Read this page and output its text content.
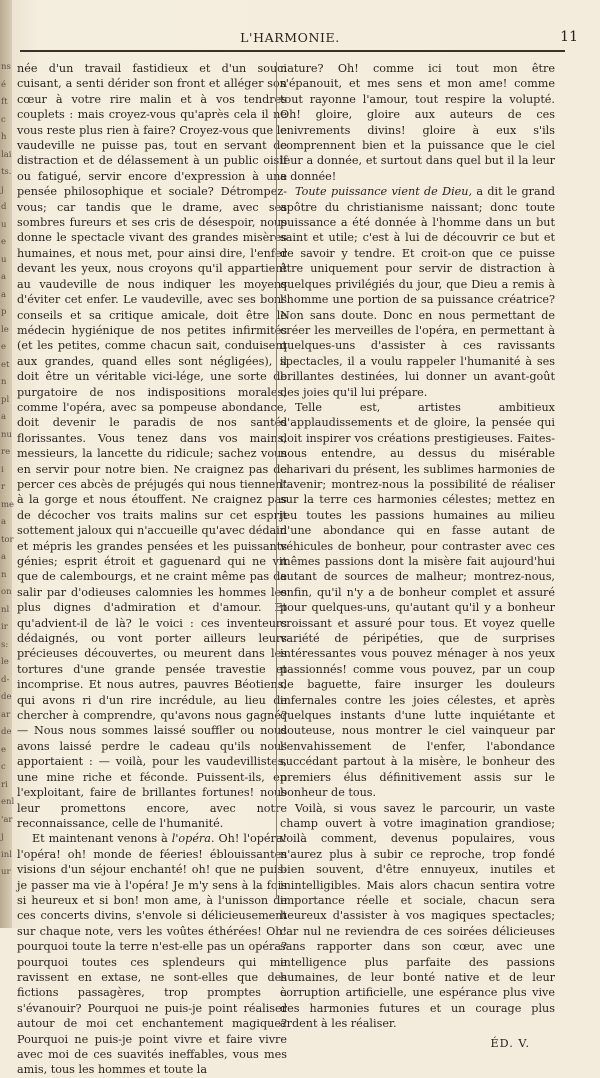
ns
é
ft
c
h
lai
ts.
j
d
u
e
u
a
a
p
le
e
et
n
pl
a
nu
re
i
r
me
a
tor
a
n
on
nl
ir
s:
le
d-
de
ar
de
e
c
ri
enl
'ar
j
inl
ur
L'HARMONIE.	11

née d'un travail fastidieux et d'un souci cuisant, a senti dérider son front et alléger son cœur à votre rire malin et à vos tendres couplets : mais croyez-vous qu'après cela il ne vous reste plus rien à faire? Croyez-vous que le vaudeville ne puisse pas, tout en servant de distraction et de délassement à un public oisif ou fatigué, servir encore d'expression à une pensée philosophique et sociale? Détrompez-vous; car tandis que le drame, avec ses sombres fureurs et ses cris de désespoir, nous donne le spectacle vivant des grandes misères humaines, et nous met, pour ainsi dire, l'enfer devant les yeux, nous croyons qu'il appartient au vaudeville de nous indiquer les moyens d'éviter cet enfer. Le vaudeville, avec ses bons conseils et sa critique amicale, doit être le médecin hygiénique de nos petites infirmités (et les petites, comme chacun sait, conduisent aux grandes, quand elles sont négligées), il doit être un véritable vici-lége, une sorte de purgatoire de nos indispositions morales; comme l'opéra, avec sa pompeuse abondance, doit devenir le paradis de nos santés florissantes. Vous tenez dans vos mains, messieurs, la lancette du ridicule; sachez vous en servir pour notre bien. Ne craignez pas de percer ces abcès de préjugés qui nous tiennent à la gorge et nous étouffent. Ne craignez pas de décocher vos traits malins sur cet esprit sottement jaloux qui n'accueille qu'avec dédain et mépris les grandes pensées et les puissants génies; esprit étroit et gaguenard qui ne vit que de calembourgs, et ne craint même pas de salir par d'odieuses calomnies les hommes les plus dignes d'admiration et d'amour. Et qu'advient-il de là? le voici : ces inventeurs dédaignés, ou vont porter ailleurs leurs précieuses découvertes, ou meurent dans les tortures d'une grande pensée travestie et incomprise. Et nous autres, pauvres Béotiens, qui avons ri d'un rire incrédule, au lieu de chercher à comprendre, qu'avons nous gagné? — Nous nous sommes laissé souffler ou nous avons laissé perdre le cadeau qu'ils nous apportaient : — voilà, pour les vaudevillistes, une mine riche et féconde. Puissent-ils, en l'exploitant, faire de brillantes fortunes! nous leur promettons encore, avec notre reconnaissance, celle de l'humanité.

Et maintenant venons à l'opéra. Oh! l'opéra! l'opéra! oh! monde de féeries! éblouissantes visions d'un séjour enchanté! oh! que ne puis-je passer ma vie à l'opéra! Je m'y sens à la fois si heureux et si bon! mon ame, à l'unisson de ces concerts divins, s'envole si délicieusement sur chaque note, vers les voûtes éthérées! Oh! pourquoi toute la terre n'est-elle pas un opéra? pourquoi toutes ces splendeurs qui me ravissent en extase, ne sont-elles que des fictions passagères, trop promptes à s'évanouir? Pourquoi ne puis-je point réaliser autour de moi cet enchantement magique? Pourquoi ne puis-je point vivre et faire vivre avec moi de ces suavités ineffables, vous mes amis, tous les hommes et toute la

nature? Oh! comme ici tout mon être s'épanouit, et mes sens et mon ame! comme tout rayonne l'amour, tout respire la volupté. Oh! gloire, gloire aux auteurs de ces enivrements divins! gloire à eux s'ils comprennent bien et la puissance que le ciel leur a donnée, et surtout dans quel but il la leur a donnée!

Toute puissance vient de Dieu, a dit le grand apôtre du christianisme naissant; donc toute puissance a été donnée à l'homme dans un but saint et utile; c'est à lui de découvrir ce but et de savoir y tendre. Et croit-on que ce puisse être uniquement pour servir de distraction à quelques privilégiés du jour, que Dieu a remis à l'homme une portion de sa puissance créatrice? Non sans doute. Donc en nous permettant de créer les merveilles de l'opéra, en permettant à quelques-uns d'assister à ces ravissants spectacles, il a voulu rappeler l'humanité à ses brillantes destinées, lui donner un avant-goût des joies qu'il lui prépare.

Telle est, artistes ambitieux d'applaudissements et de gloire, la pensée qui doit inspirer vos créations prestigieuses. Faites-nous entendre, au dessus du misérable charivari du présent, les sublimes harmonies de l'avenir; montrez-nous la possibilité de réaliser sur la terre ces harmonies célestes; mettez en jeu toutes les passions humaines au milieu d'une abondance qui en fasse autant de véhicules de bonheur, pour contraster avec ces mêmes passions dont la misère fait aujourd'hui autant de sources de malheur; montrez-nous, enfin, qu'il n'y a de bonheur complet et assuré pour quelques-uns, qu'autant qu'il y a bonheur croissant et assuré pour tous. Et voyez quelle variété de péripéties, que de surprises intéressantes vous pouvez ménager à nos yeux passionnés! comme vous pouvez, par un coup de baguette, faire insurger les douleurs infernales contre les joies célestes, et après quelques instants d'une lutte inquiétante et douteuse, nous montrer le ciel vainqueur par l'envahissement de l'enfer, l'abondance succédant partout à la misère, le bonheur des premiers élus définitivement assis sur le bonheur de tous.

Voilà, si vous savez le parcourir, un vaste champ ouvert à votre imagination grandiose; voilà comment, devenus populaires, vous n'aurez plus à subir ce reproche, trop fondé bien souvent, d'être ennuyeux, inutiles et inintelligibles. Mais alors chacun sentira votre importance réelle et sociale, chacun sera heureux d'assister à vos magiques spectacles; car nul ne reviendra de ces soirées délicieuses sans rapporter dans son cœur, avec une intelligence plus parfaite des passions humaines, de leur bonté native et de leur corruption artificielle, une espérance plus vive des harmonies futures et un courage plus ardent à les réaliser.

ÉD. V.
